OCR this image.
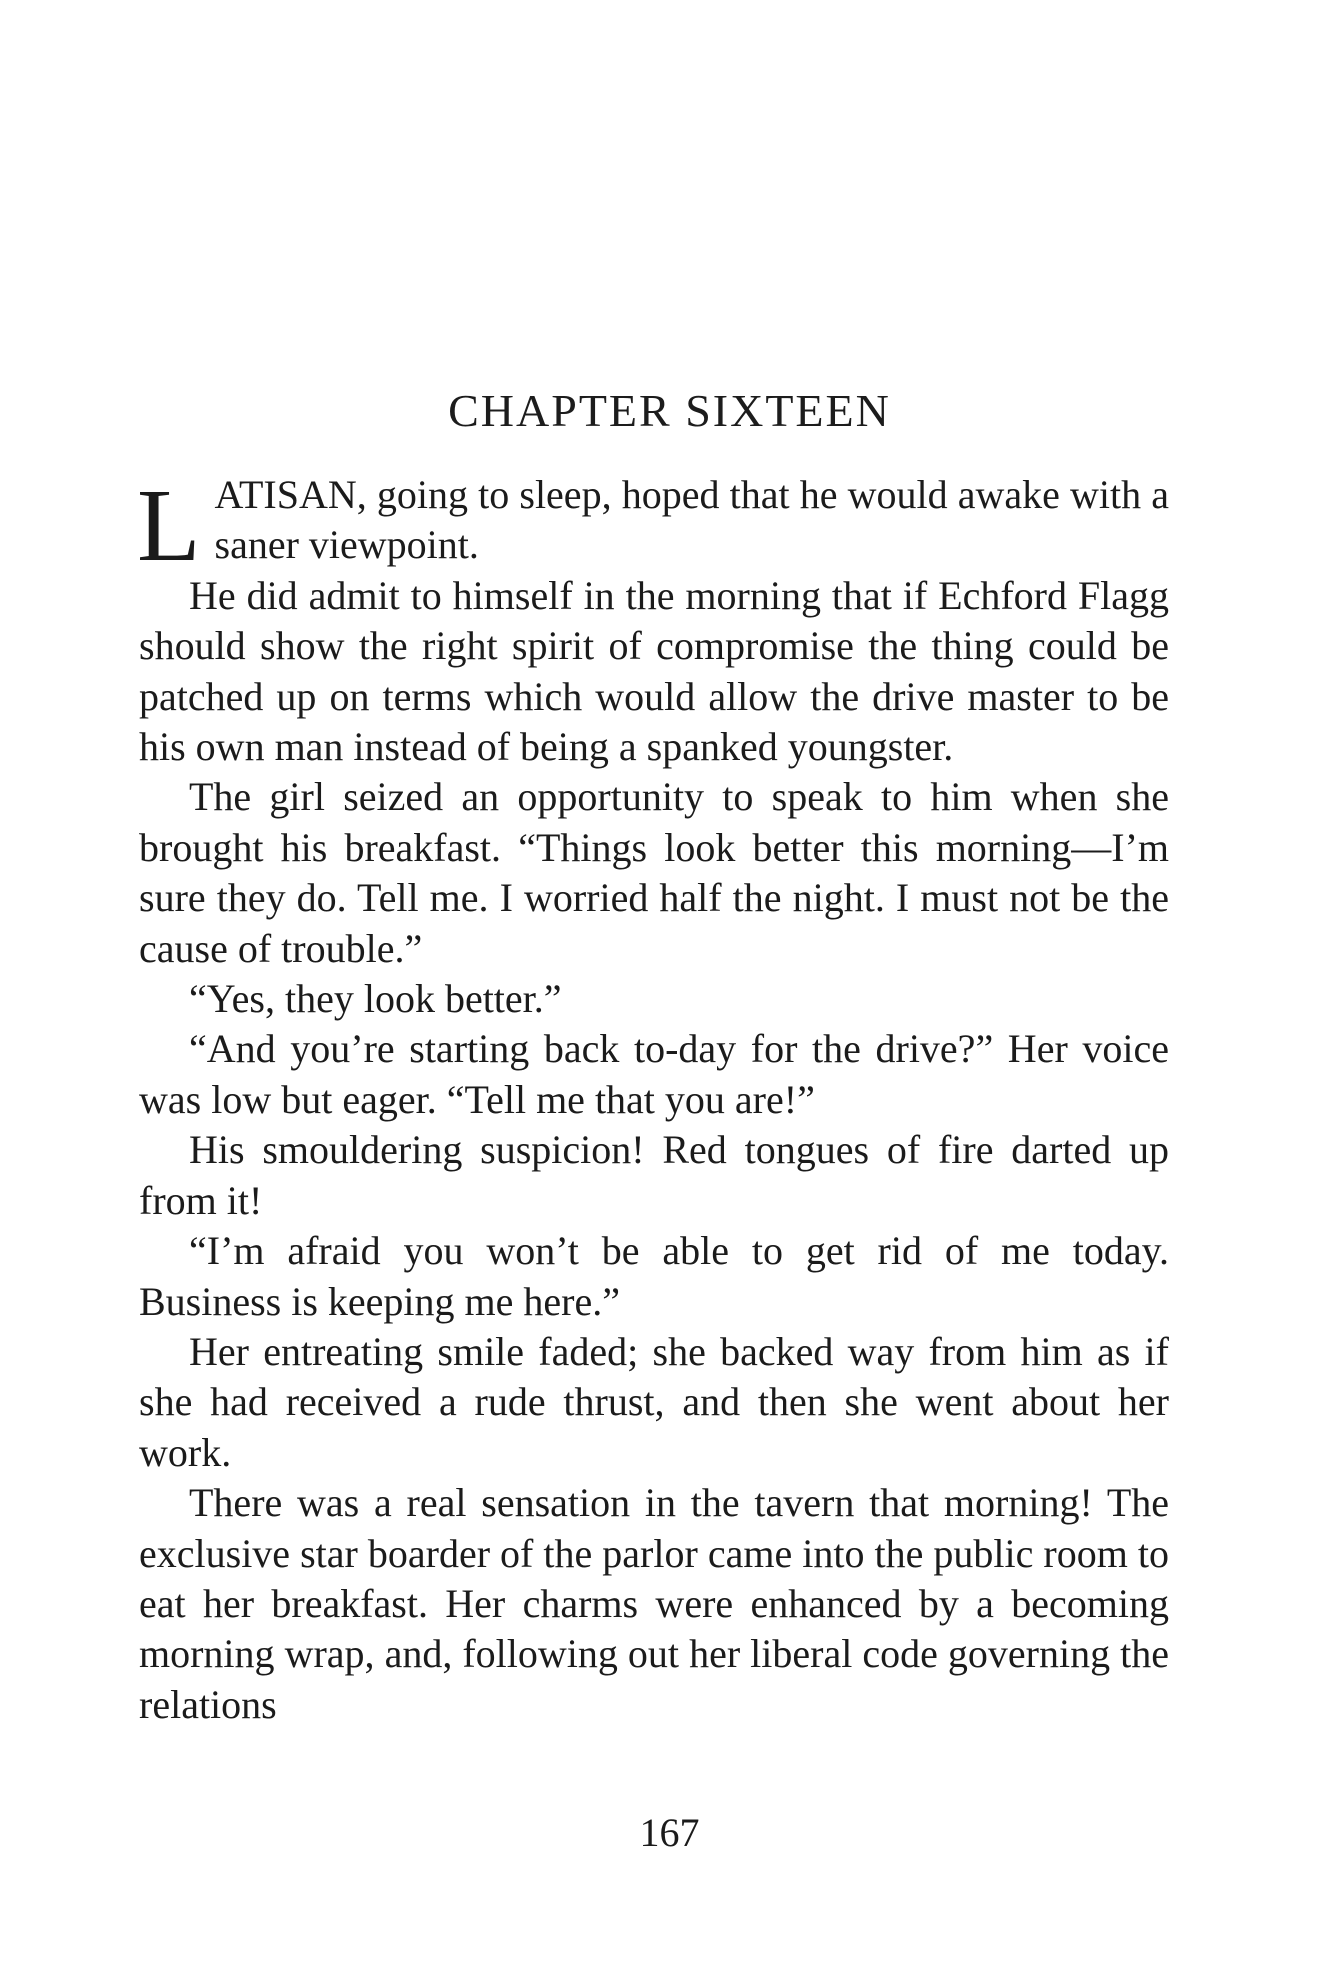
CHAPTER SIXTEEN

LATISAN, going to sleep, hoped that he would awake with a saner viewpoint.

He did admit to himself in the morning that if Echford Flagg should show the right spirit of compromise the thing could be patched up on terms which would allow the drive master to be his own man instead of being a spanked youngster.

The girl seized an opportunity to speak to him when she brought his breakfast. “Things look better this morning—I’m sure they do. Tell me. I worried half the night. I must not be the cause of trouble.”

“Yes, they look better.”

“And you’re starting back to-day for the drive?” Her voice was low but eager. “Tell me that you are!”

His smouldering suspicion! Red tongues of fire darted up from it!

“I’m afraid you won’t be able to get rid of me today. Business is keeping me here.”

Her entreating smile faded; she backed way from him as if she had received a rude thrust, and then she went about her work.

There was a real sensation in the tavern that morning! The exclusive star boarder of the parlor came into the public room to eat her breakfast. Her charms were enhanced by a becoming morning wrap, and, following out her liberal code governing the relations

167
